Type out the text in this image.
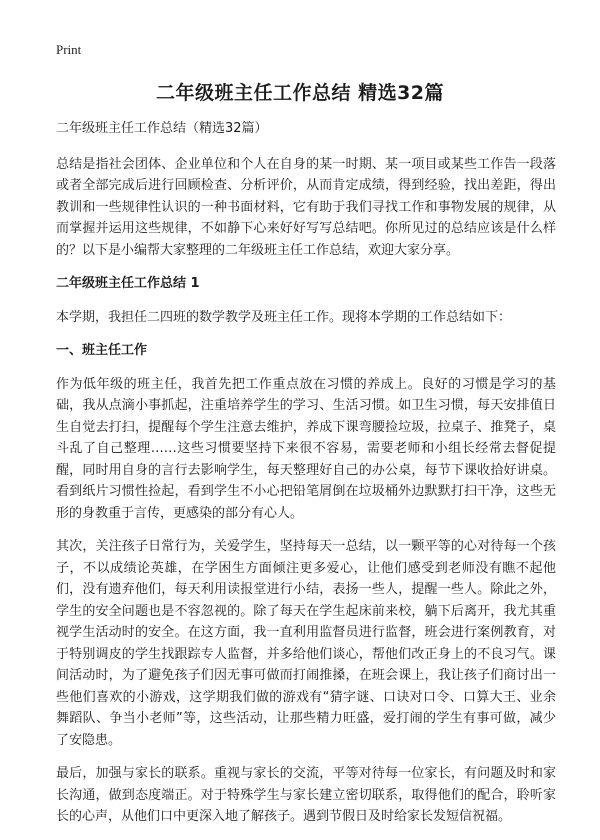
Print
二年级班主任工作总结 精选32篇

二年级班主任工作总结（精选32篇）

总结是指社会团体、企业单位和个人在自身的某一时期、某一项目或某些工作告一段落或者全部完成后进行回顾检查、分析评价，从而肯定成绩，得到经验，找出差距，得出教训和一些规律性认识的一种书面材料，它有助于我们寻找工作和事物发展的规律，从而掌握并运用这些规律，不如静下心来好好写写总结吧。你所见过的总结应该是什么样的？以下是小编帮大家整理的二年级班主任工作总结，欢迎大家分享。

二年级班主任工作总结 1

本学期，我担任二四班的数学教学及班主任工作。现将本学期的工作总结如下：

一、班主任工作

作为低年级的班主任，我首先把工作重点放在习惯的养成上。良好的习惯是学习的基础，我从点滴小事抓起，注重培养学生的学习、生活习惯。如卫生习惯，每天安排值日生自觉去打扫，提醒每个学生注意去维护，养成下课弯腰捡垃圾，拉桌子、推凳子，桌斗乱了自己整理……这些习惯要坚持下来很不容易，需要老师和小组长经常去督促提醒，同时用自身的言行去影响学生，每天整理好自己的办公桌，每节下课收拾好讲桌。看到纸片习惯性捡起，看到学生不小心把铅笔屑倒在垃圾桶外边默默打扫干净，这些无形的身教重于言传，更感染的部分有心人。

其次，关注孩子日常行为，关爱学生，坚持每天一总结，以一颗平等的心对待每一个孩子，不以成绩论英雄，在学困生方面倾注更多爱心，让他们感受到老师没有瞧不起他们，没有遗弃他们，每天利用读报堂进行小结，表扬一些人，提醒一些人。除此之外，学生的安全问题也是不容忽视的。除了每天在学生起床前来校，躺下后离开，我尤其重视学生活动时的安全。在这方面，我一直利用监督员进行监督，班会进行案例教育，对于特别调皮的学生找跟踪专人监督，并多给他们谈心，帮他们改正身上的不良习气。课间活动时，为了避免孩子们因无事可做而打闹推搡，在班会课上，我让孩子们商讨出一些他们喜欢的小游戏，这学期我们做的游戏有“猜字谜、口诀对口令、口算大王、业余舞蹈队、争当小老师”等，这些活动，让那些精力旺盛，爱打闹的学生有事可做，减少了安隐患。

最后，加强与家长的联系。重视与家长的交流，平等对待每一位家长，有问题及时和家长沟通，做到态度端正。对于特殊学生与家长建立密切联系，取得他们的配合，聆听家长的心声，从他们口中更深入地了解孩子。遇到节假日及时给家长发短信祝福。
